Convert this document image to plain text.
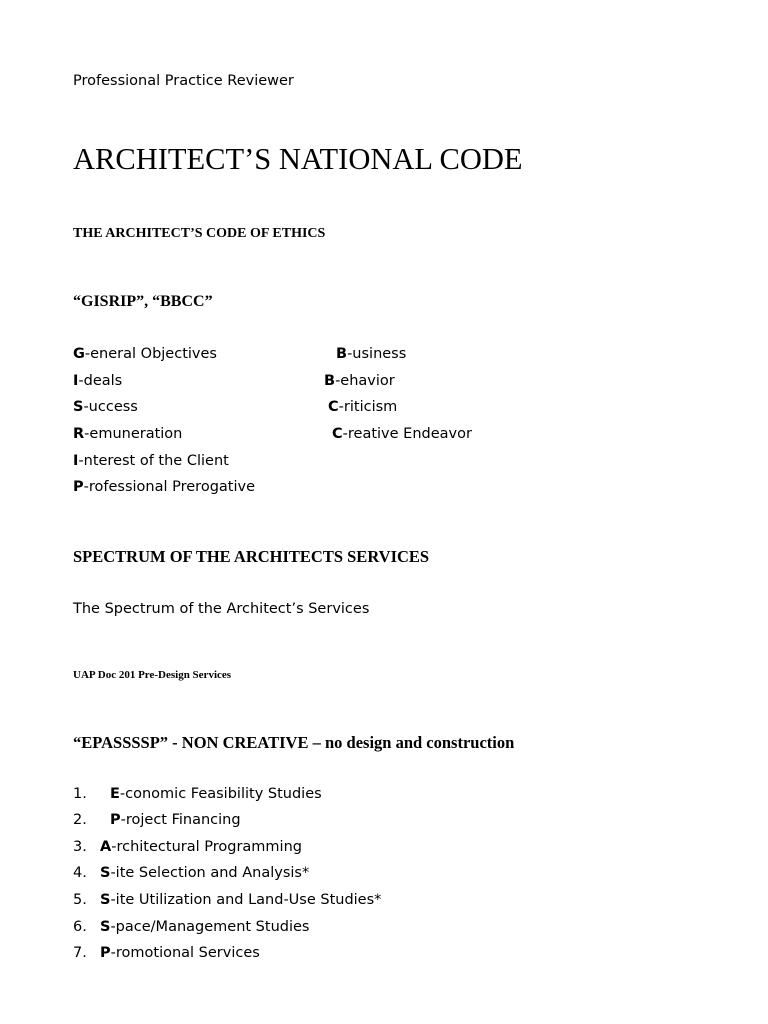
Professional Practice Reviewer
ARCHITECT’S NATIONAL CODE
THE ARCHITECT’S CODE OF ETHICS
“GISRIP”, “BBCC”
G-eneral Objectives
I-deals
S-uccess
R-emuneration
I-nterest of the Client
P-rofessional Prerogative
B-usiness
B-ehavior
C-riticism
C-reative Endeavor
SPECTRUM OF THE ARCHITECTS SERVICES
The Spectrum of the Architect’s Services
UAP Doc 201 Pre-Design Services
“EPASSSSP” - NON CREATIVE – no design and construction
1. E-conomic Feasibility Studies
2. P-roject Financing
3. A-rchitectural Programming
4. S-ite Selection and Analysis*
5. S-ite Utilization and Land-Use Studies*
6. S-pace/Management Studies
7. P-romotional Services
